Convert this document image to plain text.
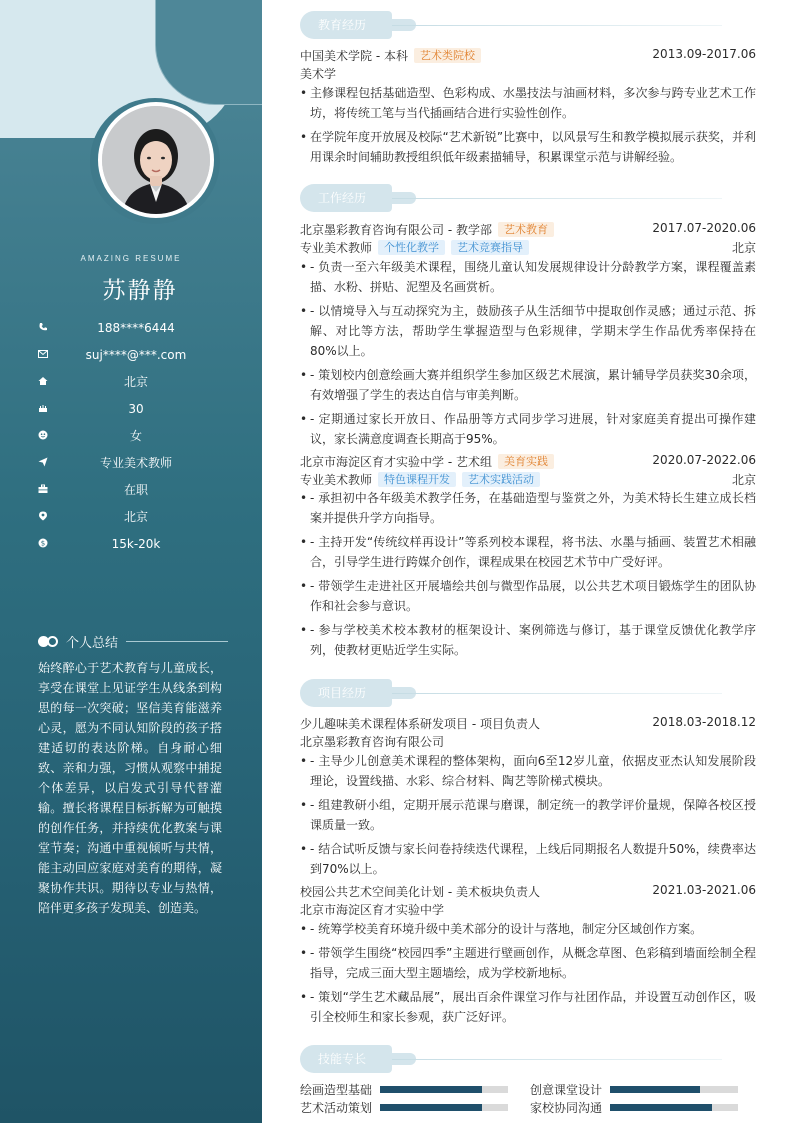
AMAZING RESUME
苏静静
188****6444
suj****@***.com
北京
30
女
专业美术教师
在职
北京
$	15k-20k
个人总结
始终醉心于艺术教育与儿童成长，享受在课堂上见证学生从线条到构思的每一次突破；坚信美育能滋养心灵，愿为不同认知阶段的孩子搭建适切的表达阶梯。自身耐心细致、亲和力强，习惯从观察中捕捉个体差异，以启发式引导代替灌输。擅长将课程目标拆解为可触摸的创作任务，并持续优化教案与课堂节奏；沟通中重视倾听与共情，能主动回应家庭对美育的期待，凝聚协作共识。期待以专业与热情，陪伴更多孩子发现美、创造美。
教育经历
中国美术学院 - 本科	艺术类院校	2013.09-2017.06
美术学
• 主修课程包括基础造型、色彩构成、水墨技法与油画材料，多次参与跨专业艺术工作坊，将传统工笔与当代插画结合进行实验性创作。
• 在学院年度开放展及校际“艺术新锐”比赛中，以风景写生和教学模拟展示获奖，并利用课余时间辅助教授组织低年级素描辅导，积累课堂示范与讲解经验。
工作经历
北京墨彩教育咨询有限公司 - 教学部	艺术教育	2017.07-2020.06
专业美术教师	个性化教学	艺术竞赛指导	北京
• - 负责一至六年级美术课程，围绕儿童认知发展规律设计分龄教学方案，课程覆盖素描、水粉、拼贴、泥塑及名画赏析。
• - 以情境导入与互动探究为主，鼓励孩子从生活细节中提取创作灵感；通过示范、拆解、对比等方法，帮助学生掌握造型与色彩规律，学期末学生作品优秀率保持在80%以上。
• - 策划校内创意绘画大赛并组织学生参加区级艺术展演，累计辅导学员获奖30余项，有效增强了学生的表达自信与审美判断。
• - 定期通过家长开放日、作品册等方式同步学习进展，针对家庭美育提出可操作建议，家长满意度调查长期高于95%。
北京市海淀区育才实验中学 - 艺术组	美育实践	2020.07-2022.06
专业美术教师	特色课程开发	艺术实践活动	北京
• - 承担初中各年级美术教学任务，在基础造型与鉴赏之外，为美术特长生建立成长档案并提供升学方向指导。
• - 主持开发“传统纹样再设计”等系列校本课程，将书法、水墨与插画、装置艺术相融合，引导学生进行跨媒介创作，课程成果在校园艺术节中广受好评。
• - 带领学生走进社区开展墙绘共创与微型作品展，以公共艺术项目锻炼学生的团队协作和社会参与意识。
• - 参与学校美术校本教材的框架设计、案例筛选与修订，基于课堂反馈优化教学序列，使教材更贴近学生实际。
项目经历
少儿趣味美术课程体系研发项目 - 项目负责人	2018.03-2018.12
北京墨彩教育咨询有限公司
• - 主导少儿创意美术课程的整体架构，面向6至12岁儿童，依据皮亚杰认知发展阶段理论，设置线描、水彩、综合材料、陶艺等阶梯式模块。
• - 组建教研小组，定期开展示范课与磨课，制定统一的教学评价量规，保障各校区授课质量一致。
• - 结合试听反馈与家长问卷持续迭代课程，上线后同期报名人数提升50%，续费率达到70%以上。
校园公共艺术空间美化计划 - 美术板块负责人	2021.03-2021.06
北京市海淀区育才实验中学
• - 统筹学校美育环境升级中美术部分的设计与落地，制定分区域创作方案。
• - 带领学生围绕“校园四季”主题进行壁画创作，从概念草图、色彩稿到墙面绘制全程指导，完成三面大型主题墙绘，成为学校新地标。
• - 策划“学生艺术藏品展”，展出百余件课堂习作与社团作品，并设置互动创作区，吸引全校师生和家长参观，获广泛好评。
技能专长
绘画造型基础	创意课堂设计
艺术活动策划	家校协同沟通
